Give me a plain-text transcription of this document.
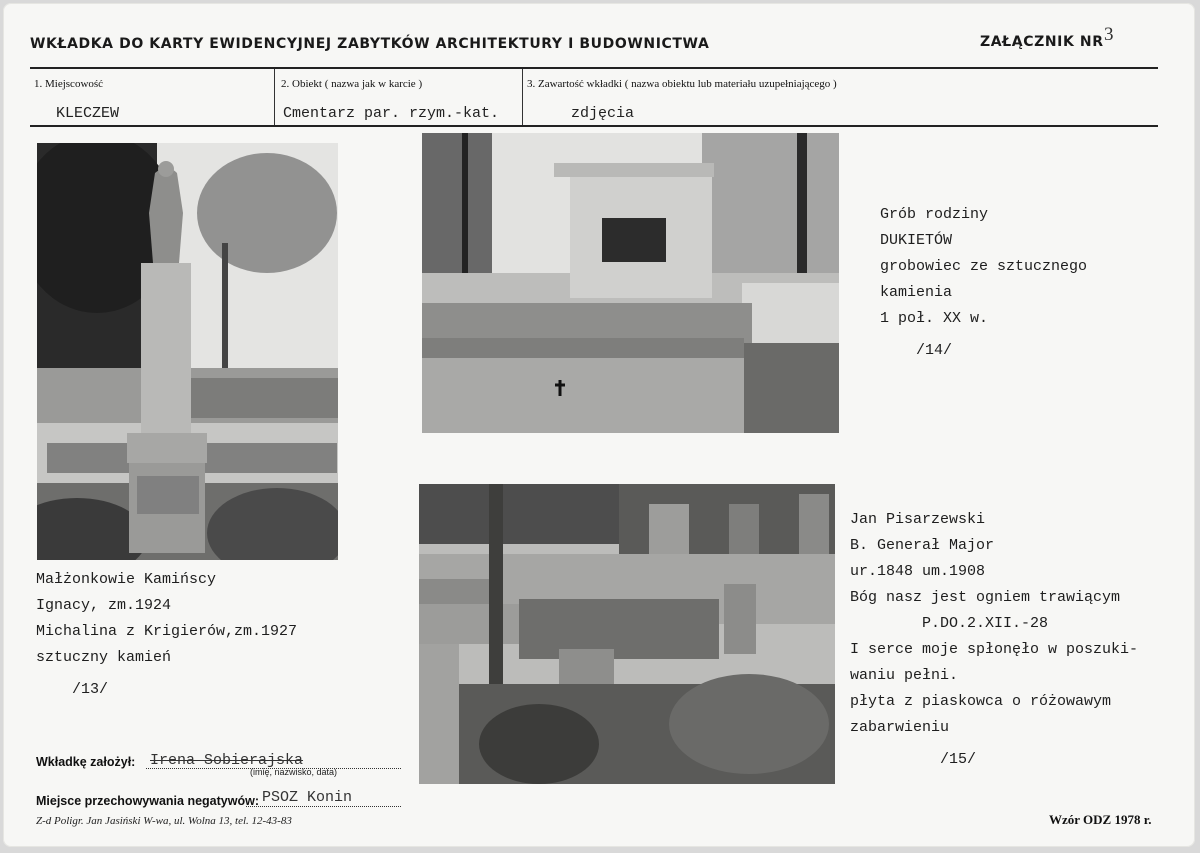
WKŁADKA DO KARTY EWIDENCYJNEJ ZABYTKÓW ARCHITEKTURY I BUDOWNICTWA	ZAŁĄCZNIK NR 3
1. Miejscowość
KLECZEW
2. Obiekt ( nazwa jak w karcie )
Cmentarz par. rzym.-kat.
3. Zawartość wkładki ( nazwa obiektu lub materiału uzupełniającego )
zdjęcia
Małżonkowie Kamińscy
Ignacy, zm.1924
Michalina z Krigierów,zm.1927
sztuczny kamień
/13/
Grób rodziny
DUKIETÓW
grobowiec ze sztucznego
kamienia
1 poł. XX w.
/14/
Jan Pisarzewski
B. Generał Major
ur.1848 um.1908
Bóg nasz jest ogniem trawiącym
P.DO.2.XII.-28
I serce moje spłonęło w poszuki-
waniu pełni.
płyta z piaskowca o różowawym
zabarwieniu
/15/
Wkładkę założył: Irena Sobierajska
(imię, nazwisko, data)
Miejsce przechowywania negatywów: PSOZ Konin
Z-d Poligr. Jan Jasiński W-wa, ul. Wolna 13, tel. 12-43-83	Wzór ODZ 1978 r.
